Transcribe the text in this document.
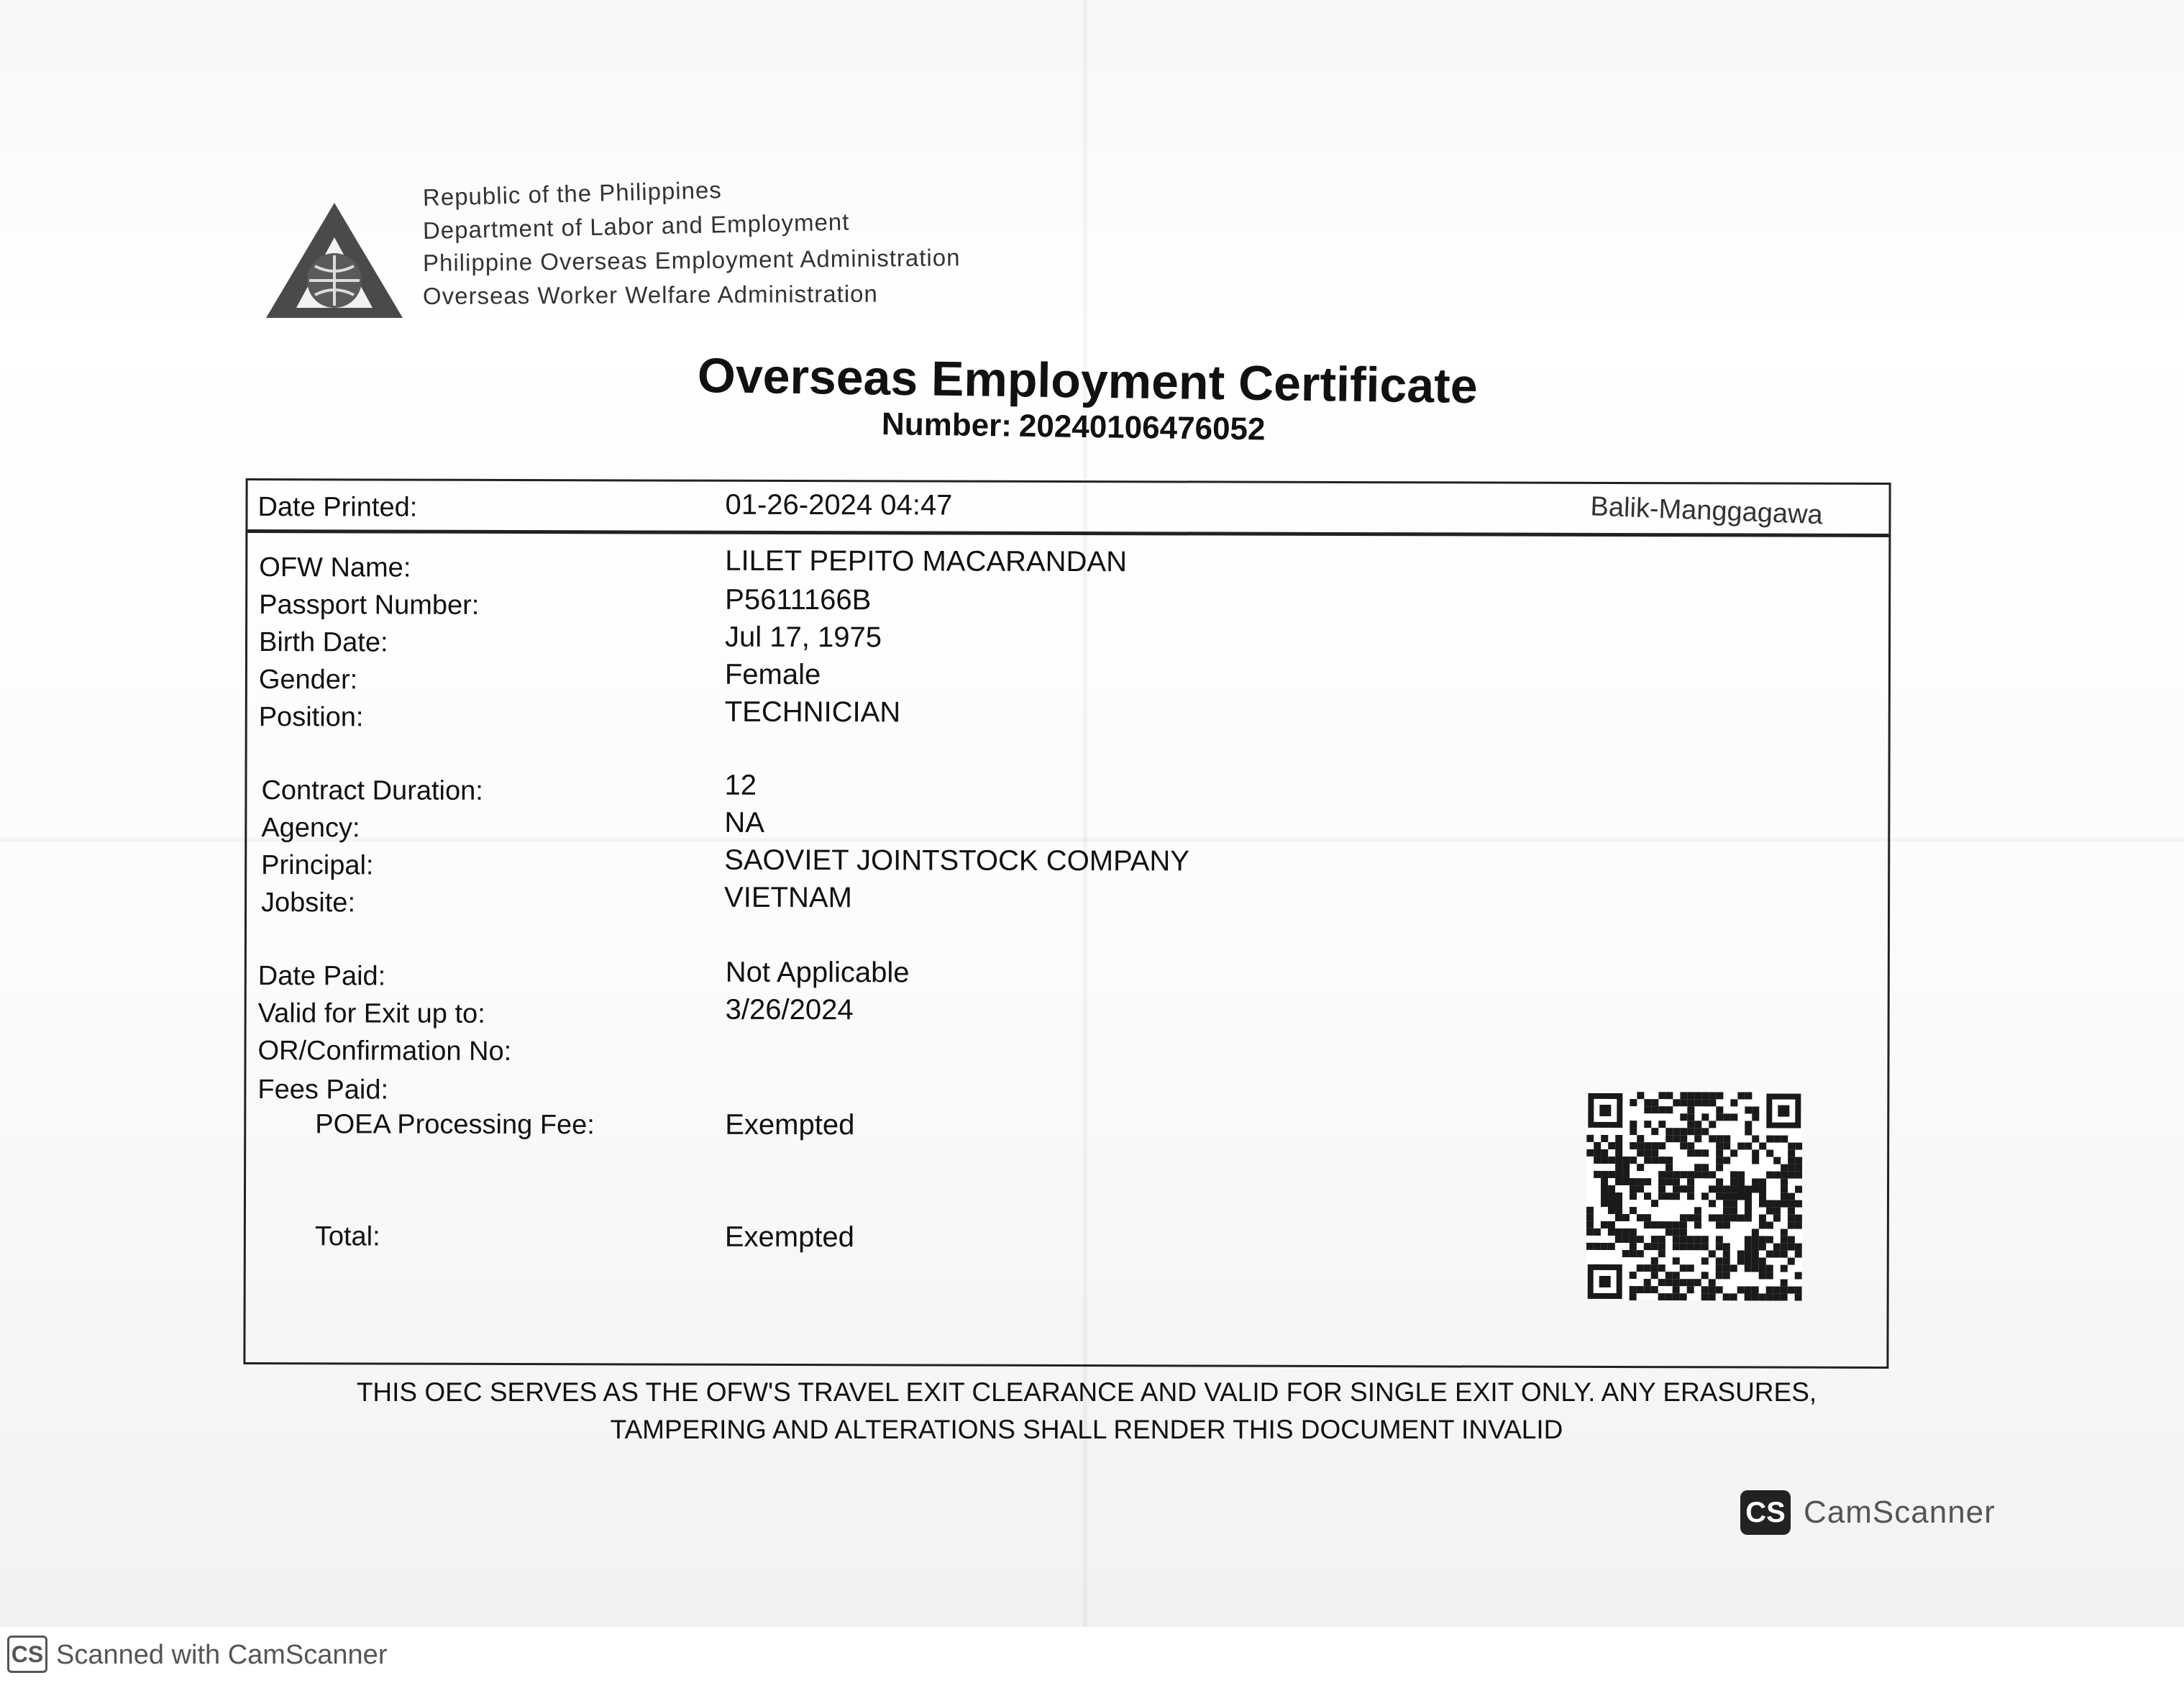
Republic of the Philippines
Department of Labor and Employment
Philippine Overseas Employment Administration
Overseas Worker Welfare Administration
Overseas Employment Certificate
Number: 20240106476052
Date Printed:	01-26-2024 04:47	Balik-Manggagawa
OFW Name:	LILET PEPITO MACARANDAN
Passport Number:	P5611166B
Birth Date:	Jul 17, 1975
Gender:	Female
Position:	TECHNICIAN
Contract Duration:	12
Agency:	NA
Principal:	SAOVIET JOINTSTOCK COMPANY
Jobsite:	VIETNAM
Date Paid:	Not Applicable
Valid for Exit up to:	3/26/2024
OR/Confirmation No:
Fees Paid:
POEA Processing Fee:	Exempted
Total:	Exempted
THIS OEC SERVES AS THE OFW'S TRAVEL EXIT CLEARANCE AND VALID FOR SINGLE EXIT ONLY. ANY ERASURES,
TAMPERING AND ALTERATIONS SHALL RENDER THIS DOCUMENT INVALID
CS CamScanner
CS Scanned with CamScanner
